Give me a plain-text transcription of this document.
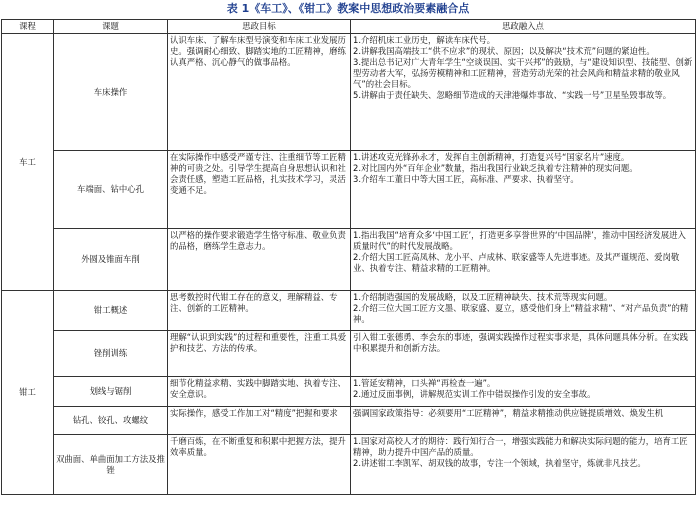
表 1《车工》、《钳工》教案中思想政治要素融合点
课程	课题	思政目标	思政融入点
车工	车床操作	认识车床、了解车床型号演变和车床工业发展历史。强调耐心细致、脚踏实地的工匠精神，磨练认真严格、沉心静气的做事品格。	1.介绍机床工业历史，解读车床代号。
2.讲解我国高端技工“供不应求”的现状、原因；以及解决“技术荒”问题的紧迫性。
3.提出总书记对广大青年学生“空谈误国、实干兴邦”的鼓励，与“建设知识型、技能型、创新型劳动者大军，弘扬劳模精神和工匠精神，营造劳动光荣的社会风尚和精益求精的敬业风气”的社会目标。
5.讲解由于责任缺失、忽略细节造成的天津港爆炸事故、“实践一号”卫星坠毁事故等。

	车端面、钻中心孔	在实际操作中感受严谨专注、注重细节等工匠精神的可贵之处。引导学生提高自身思想认识和社会责任感，塑造工匠品格，扎实技术学习，灵活变通不足。	1.讲述攻克光锋孙永才，发挥自主创新精神，打造复兴号“国家名片”速度。
2.对比国内外“百年企业”数量，指出我国行业缺乏执着专注精神的现实问题。
3.介绍车工董日中等大国工匠，高标准、严要求、执着坚守。

	外圆及锥面车削	以严格的操作要求锻造学生恪守标准、敬业负责的品格，磨练学生意志力。	1.指出我国“培育众多‘中国工匠’，打造更多享誉世界的‘中国品牌’，推动中国经济发展进入质量时代”的时代发展战略。
2.介绍大国工匠高凤林、龙小平、卢成林、联家盛等人先进事迹。及其严谨规范、爱岗敬业、执着专注、精益求精的工匠精神。

钳工	钳工概述	思考数控时代钳工存在的意义，理解精益、专注、创新的工匠精神。	1.介绍制造强国的发展战略，以及工匠精神缺失、技术荒等现实问题。
2.介绍三位大国工匠方文墨、联家盛、夏立，感受他们身上“精益求精”、“对产品负责”的精神。

	锉削训练	理解“认识到实践”的过程和重要性，注重工具爱护和技艺、方法的传承。	引入钳工张德勇、李会东的事迹，强调实践操作过程实事求是，具体问题具体分析。在实践中积累提升和创新方法。

	划线与锯削	细节化精益求精、实践中脚踏实地、执着专注、安全意识。	1.管延安精神，口头禅“再检查一遍”。
2.通过反面事例，讲解规范实训工作中错误操作引发的安全事故。

	钻孔、铰孔、攻螺纹	实际操作，感受工作加工对“精度”把握和要求	强调国家政策指导：必须要用“工匠精神”，精益求精推动供应链提质增效、焕发生机

	双曲面、单曲面加工方法及推锉	千磨百炼，在不断重复和积累中把握方法，提升效率质量。	1.国家对高校人才的期待：践行知行合一，增强实践能力和解决实际问题的能力，培育工匠精神，助力提升中国产品的质量。
2.讲述钳工李凯军、胡双钱的故事，专注一个领域，执着坚守，炼就非凡技艺。
